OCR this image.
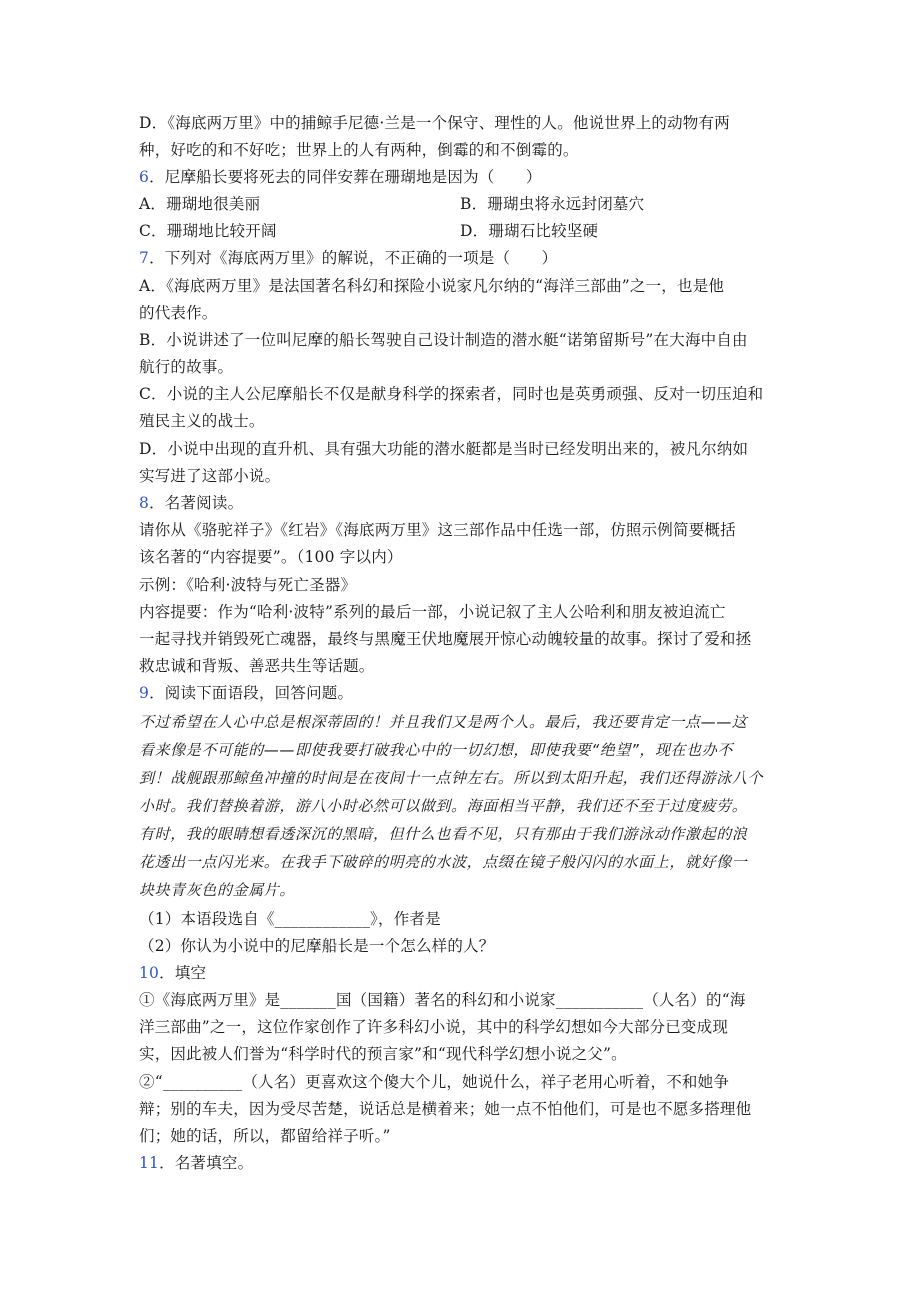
D．《海底两万里》中的捕鲸手尼德·兰是一个保守、理性的人。他说世界上的动物有两
种，好吃的和不好吃；世界上的人有两种，倒霉的和不倒霉的。
6．尼摩船长要将死去的同伴安葬在珊瑚地是因为（　　）
A．珊瑚地很美丽	B．珊瑚虫将永远封闭墓穴
C．珊瑚地比较开阔	D．珊瑚石比较坚硬
7．下列对《海底两万里》的解说，不正确的一项是（　　）
A．《海底两万里》是法国著名科幻和探险小说家凡尔纳的“海洋三部曲”之一，也是他
的代表作。
B．小说讲述了一位叫尼摩的船长驾驶自己设计制造的潜水艇“诺第留斯号”在大海中自由
航行的故事。
C．小说的主人公尼摩船长不仅是献身科学的探索者，同时也是英勇顽强、反对一切压迫和
殖民主义的战士。
D．小说中出现的直升机、具有强大功能的潜水艇都是当时已经发明出来的，被凡尔纳如
实写进了这部小说。
8．名著阅读。
请你从《骆驼祥子》《红岩》《海底两万里》这三部作品中任选一部，仿照示例简要概括
该名著的“内容提要”。（100 字以内）
示例：《哈利·波特与死亡圣器》
内容提要：作为“哈利·波特”系列的最后一部，小说记叙了主人公哈利和朋友被迫流亡
一起寻找并销毁死亡魂器，最终与黑魔王伏地魔展开惊心动魄较量的故事。探讨了爱和拯
救忠诚和背叛、善恶共生等话题。
9．阅读下面语段，回答问题。
不过希望在人心中总是根深蒂固的！并且我们又是两个人。最后，我还要肯定一点——这
看来像是不可能的——即使我要打破我心中的一切幻想，即使我要“绝望”，现在也办不
到！战舰跟那鲸鱼冲撞的时间是在夜间十一点钟左右。所以到太阳升起，我们还得游泳八个
小时。我们替换着游，游八小时必然可以做到。海面相当平静，我们还不至于过度疲劳。
有时，我的眼睛想看透深沉的黑暗，但什么也看不见，只有那由于我们游泳动作激起的浪
花透出一点闪光来。在我手下破碎的明亮的水波，点缀在镜子般闪闪的水面上，就好像一
块块青灰色的金属片。
（1）本语段选自《____________》，作者是
（2）你认为小说中的尼摩船长是一个怎么样的人？
10．填空
①《海底两万里》是_______国（国籍）著名的科幻和小说家___________（人名）的“海
洋三部曲”之一，这位作家创作了许多科幻小说，其中的科学幻想如今大部分已变成现
实，因此被人们誉为“科学时代的预言家”和“现代科学幻想小说之父”。
②“__________（人名）更喜欢这个傻大个儿，她说什么，祥子老用心听着，不和她争
辩；别的车夫，因为受尽苦楚，说话总是横着来；她一点不怕他们，可是也不愿多搭理他
们；她的话，所以，都留给祥子听。”
11．名著填空。
